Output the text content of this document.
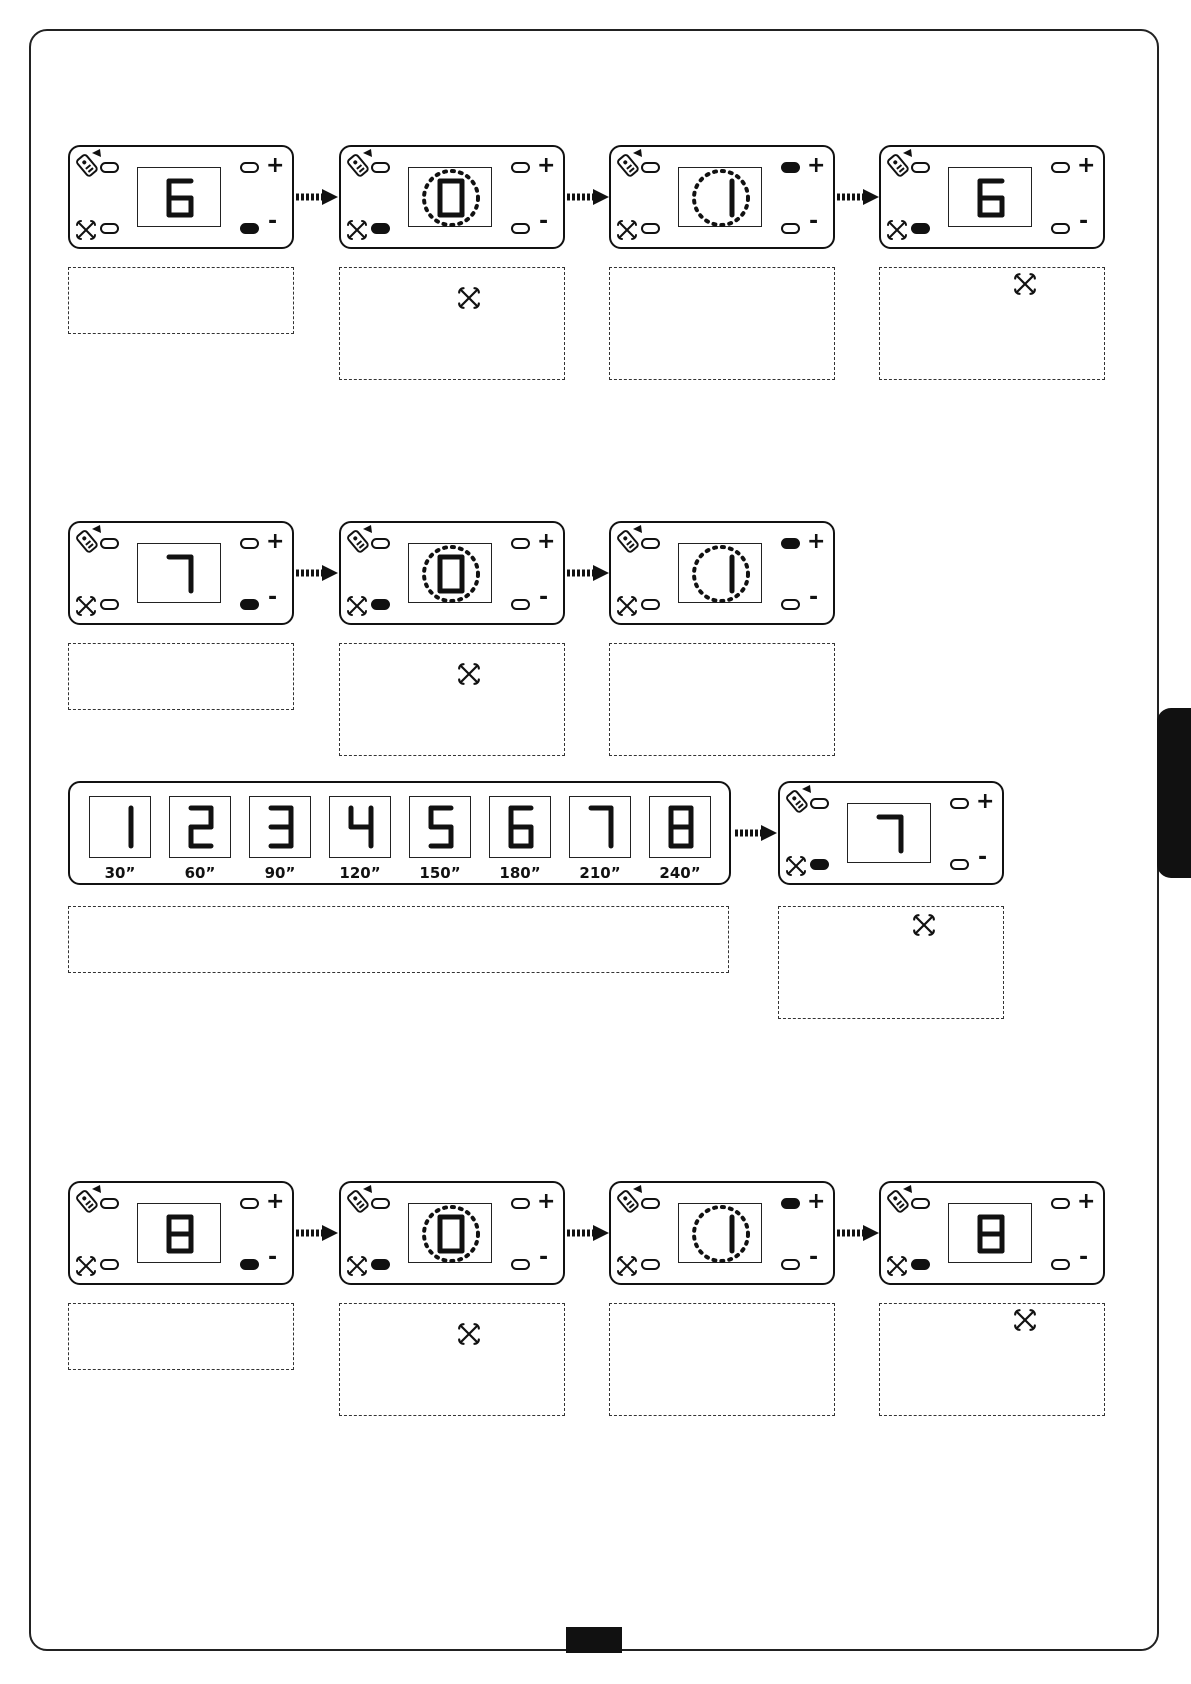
+
-
+
-
+
-
+
-
+
-
+
-
+
-
+
-
+
-
+
-
+
-
30”	60”	90”	120”	150”	180”	210”	240”
+
-
